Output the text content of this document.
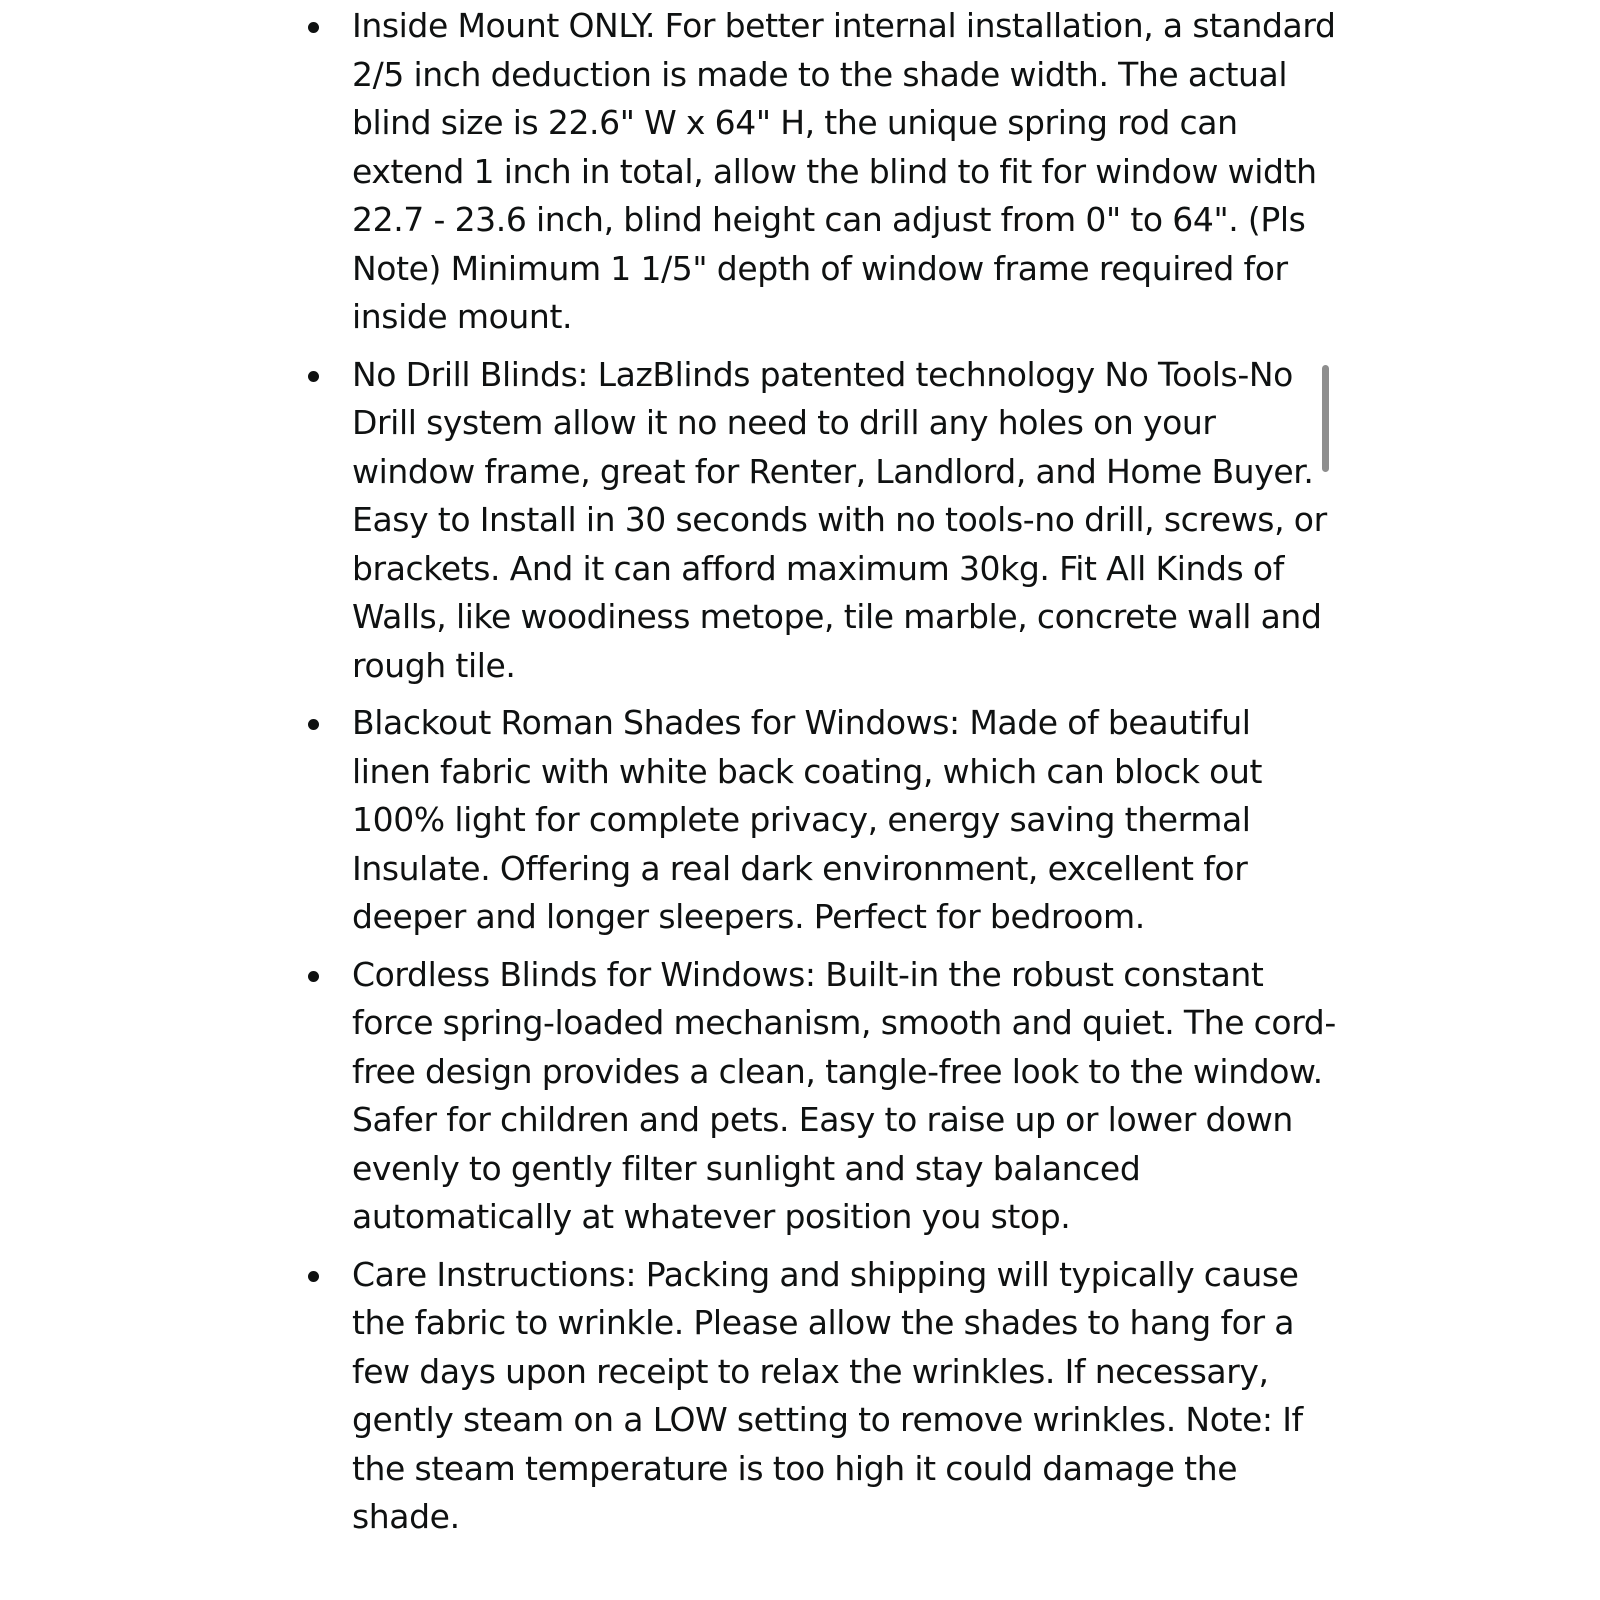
Inside Mount ONLY. For better internal installation, a standard 2/5 inch deduction is made to the shade width. The actual blind size is 22.6" W x 64" H, the unique spring rod can extend 1 inch in total, allow the blind to fit for window width 22.7 - 23.6 inch, blind height can adjust from 0" to 64". (Pls Note) Minimum 1 1/5" depth of window frame required for inside mount.
No Drill Blinds: LazBlinds patented technology No Tools-No Drill system allow it no need to drill any holes on your window frame, great for Renter, Landlord, and Home Buyer. Easy to Install in 30 seconds with no tools-no drill, screws, or brackets. And it can afford maximum 30kg. Fit All Kinds of Walls, like woodiness metope, tile marble, concrete wall and rough tile.
Blackout Roman Shades for Windows: Made of beautiful linen fabric with white back coating, which can block out 100% light for complete privacy, energy saving thermal Insulate. Offering a real dark environment, excellent for deeper and longer sleepers. Perfect for bedroom.
Cordless Blinds for Windows: Built-in the robust constant force spring-loaded mechanism, smooth and quiet. The cord-free design provides a clean, tangle-free look to the window. Safer for children and pets. Easy to raise up or lower down evenly to gently filter sunlight and stay balanced automatically at whatever position you stop.
Care Instructions: Packing and shipping will typically cause the fabric to wrinkle. Please allow the shades to hang for a few days upon receipt to relax the wrinkles. If necessary, gently steam on a LOW setting to remove wrinkles. Note: If the steam temperature is too high it could damage the shade.
